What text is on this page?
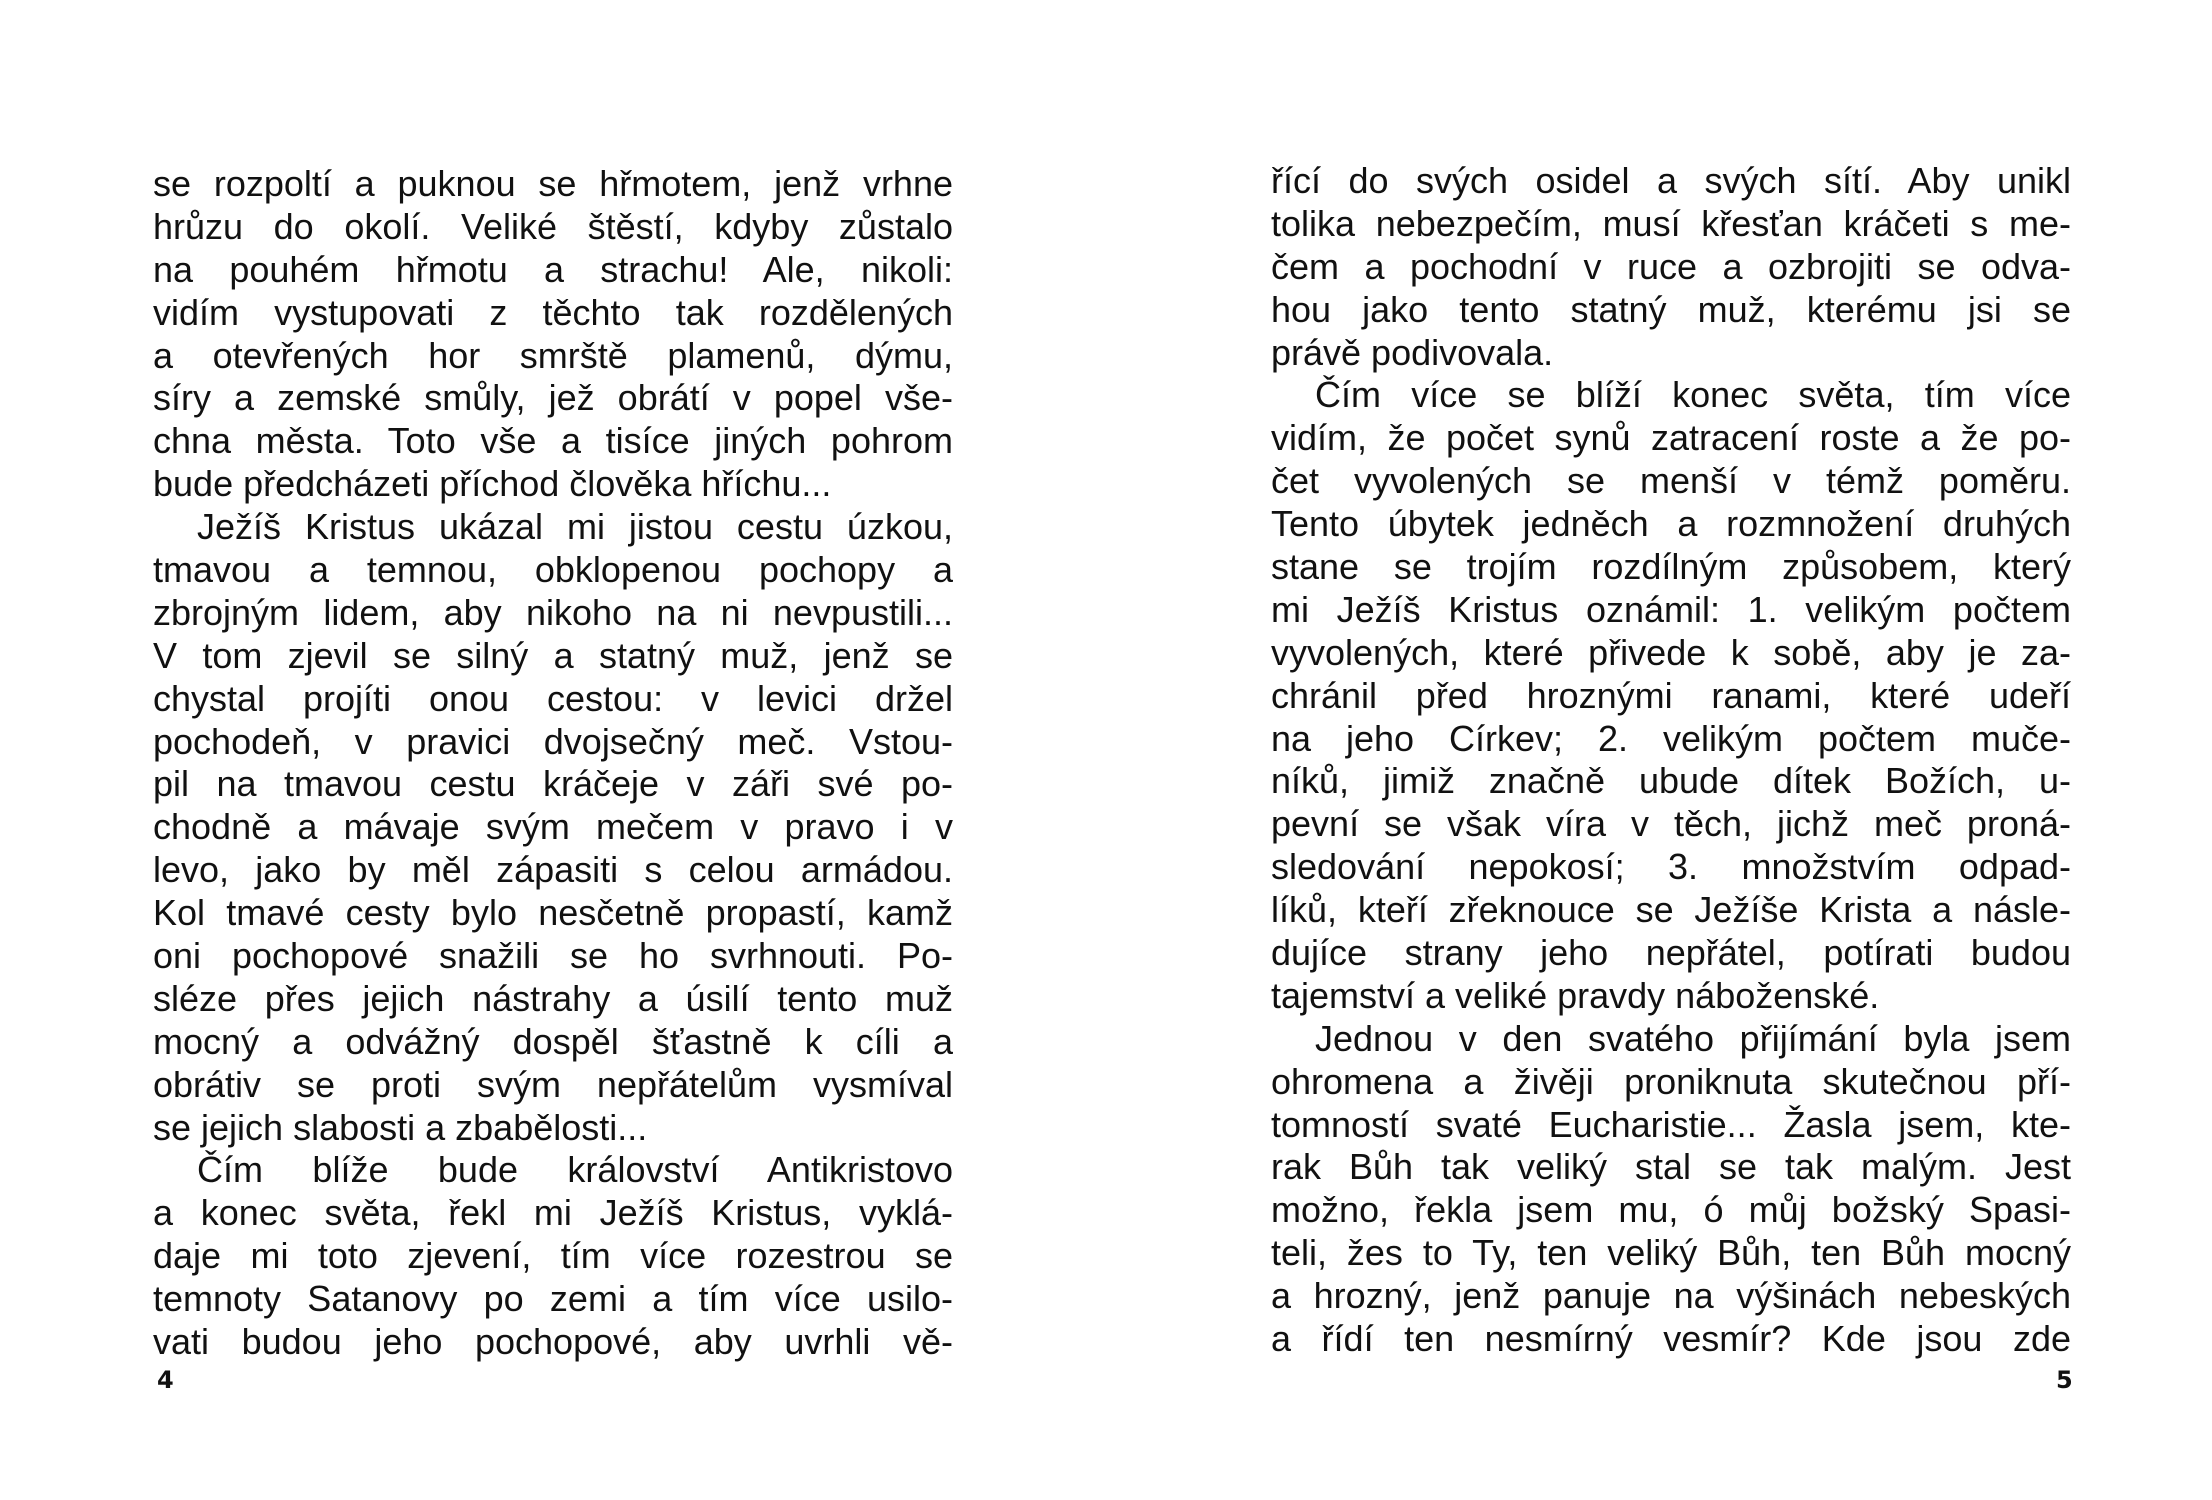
se rozpoltí a puknou se hřmotem, jenž vrhne
hrůzu do okolí. Veliké štěstí, kdyby zůstalo
na pouhém hřmotu a strachu! Ale, nikoli:
vidím vystupovati z těchto tak rozdělených
a otevřených hor smrště plamenů, dýmu,
síry a zemské smůly, jež obrátí v popel vše-
chna města. Toto vše a tisíce jiných pohrom
bude předcházeti příchod člověka hříchu...
Ježíš Kristus ukázal mi jistou cestu úzkou,
tmavou a temnou, obklopenou pochopy a
zbrojným lidem, aby nikoho na ni nevpustili...
V tom zjevil se silný a statný muž, jenž se
chystal projíti onou cestou: v levici držel
pochodeň, v pravici dvojsečný meč. Vstou-
pil na tmavou cestu kráčeje v záři své po-
chodně a mávaje svým mečem v pravo i v
levo, jako by měl zápasiti s celou armádou.
Kol tmavé cesty bylo nesčetně propastí, kamž
oni pochopové snažili se ho svrhnouti. Po-
sléze přes jejich nástrahy a úsilí tento muž
mocný a odvážný dospěl šťastně k cíli a
obrátiv se proti svým nepřátelům vysmíval
se jejich slabosti a zbabělosti...
Čím blíže bude království Antikristovo
a konec světa, řekl mi Ježíš Kristus, vyklá-
daje mi toto zjevení, tím více rozestrou se
temnoty Satanovy po zemi a tím více usilo-
vati budou jeho pochopové, aby uvrhli vě-
4
řící do svých osidel a svých sítí. Aby unikl
tolika nebezpečím, musí křesťan kráčeti s me-
čem a pochodní v ruce a ozbrojiti se odva-
hou jako tento statný muž, kterému jsi se
právě podivovala.
Čím více se blíží konec světa, tím více
vidím, že počet synů zatracení roste a že po-
čet vyvolených se menší v témž poměru.
Tento úbytek jedněch a rozmnožení druhých
stane se trojím rozdílným způsobem, který
mi Ježíš Kristus oznámil: 1. velikým počtem
vyvolených, které přivede k sobě, aby je za-
chránil před hroznými ranami, které udeří
na jeho Církev; 2. velikým počtem muče-
níků, jimiž značně ubude dítek Božích, u-
pevní se však víra v těch, jichž meč proná-
sledování nepokosí; 3. množstvím odpad-
líků, kteří zřeknouce se Ježíše Krista a násle-
dujíce strany jeho nepřátel, potírati budou
tajemství a veliké pravdy náboženské.
Jednou v den svatého přijímání byla jsem
ohromena a živěji proniknuta skutečnou pří-
tomností svaté Eucharistie... Žasla jsem, kte-
rak Bůh tak veliký stal se tak malým. Jest
možno, řekla jsem mu, ó můj božský Spasi-
teli, žes to Ty, ten veliký Bůh, ten Bůh mocný
a hrozný, jenž panuje na výšinách nebeských
a řídí ten nesmírný vesmír? Kde jsou zde
5
